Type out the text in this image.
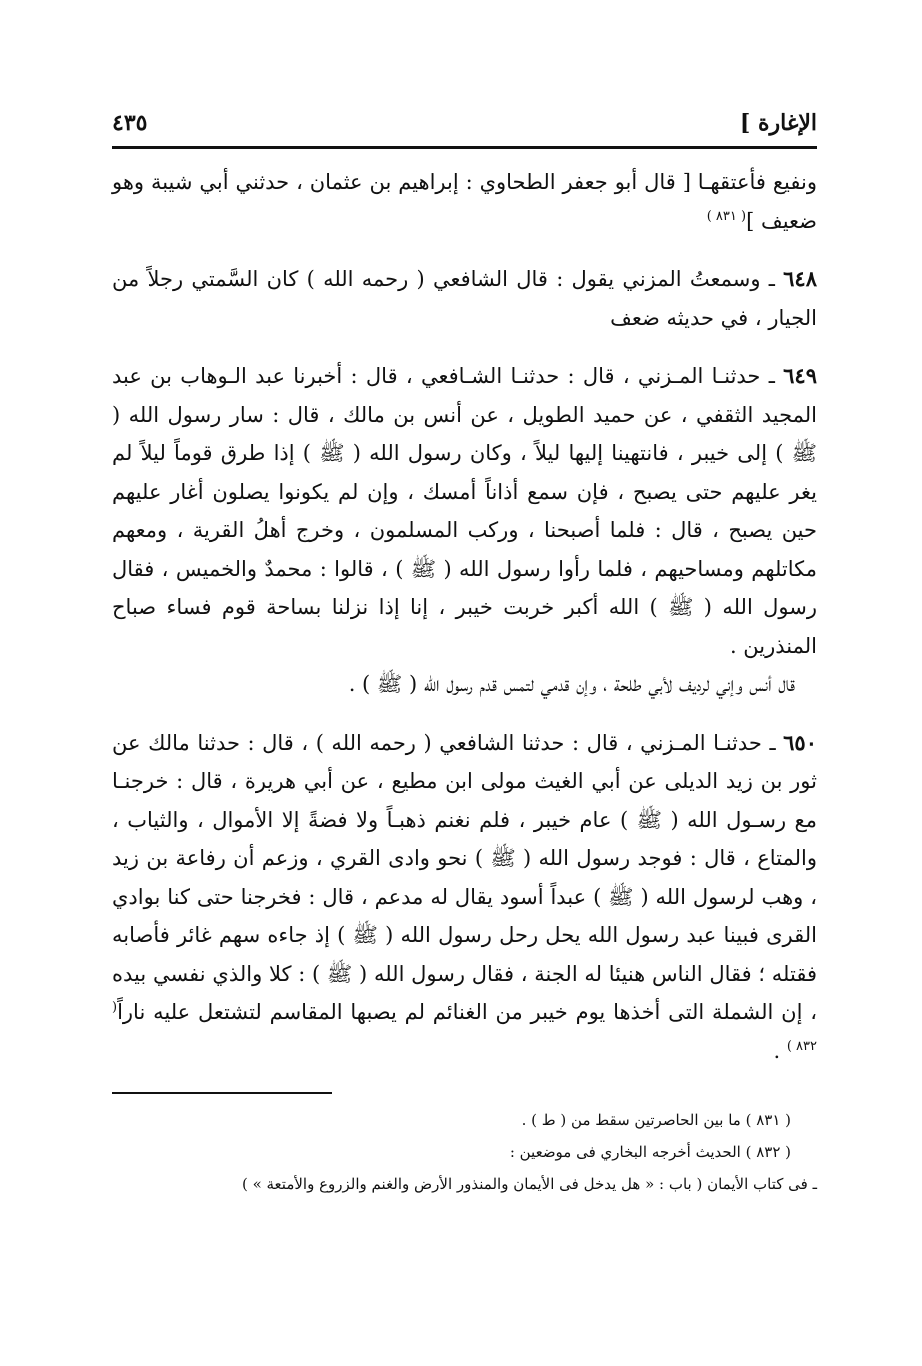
الإغارة ]
٤٣٥

ونفيع فأعتقهـا [ قال أبو جعفر الطحاوي : إبراهيم بن عثمان ، حدثني أبي شيبة وهو ضعيف ]$^{( ٨٣١ )}$

٦٤٨ ـ وسمعتُ المزني يقول : قال الشافعي ( رحمه الله ) كان السَّمتي رجلاً من الجيار ، في حديثه ضعف

٦٤٩ ـ حدثنـا المـزني ، قال : حدثنـا الشـافعي ، قال : أخبرنا عبد الـوهاب بن عبد المجيد الثقفي ، عن حميد الطويل ، عن أنس بن مالك ، قال : سار رسول الله ( ﷺ ) إلى خيبر ، فانتهينا إليها ليلاً ، وكان رسول الله ( ﷺ ) إذا طرق قوماً ليلاً لم يغر عليهم حتى يصبح ، فإن سمع أذاناً أمسك ، وإن لم يكونوا يصلون أغار عليهم حين يصبح ، قال : فلما أصبحنا ، وركب المسلمون ، وخرج أهلُ القرية ، ومعهم مكاتلهم ومساحيهم ، فلما رأوا رسول الله ( ﷺ ) ، قالوا : محمدٌ والخميس ، فقال رسول الله ( ﷺ ) الله أكبر خربت خيبر ، إنا إذا نزلنا بساحة قوم فساء صباح المنذرين .

قال أنس وإني لرديف لأبي طلحة ، وإن قدمي لتمس قدم رسول الله ( ﷺ ) .

٦٥٠ ـ حدثنـا المـزني ، قال : حدثنا الشافعي ( رحمه الله ) ، قال : حدثنا مالك عن ثور بن زيد الديلى عن أبي الغيث مولى ابن مطيع ، عن أبي هريرة ، قال : خرجنـا مع رسـول الله ( ﷺ ) عام خيبر ، فلم نغنم ذهبـاً ولا فضةً إلا الأموال ، والثياب ، والمتاع ، قال : فوجد رسول الله ( ﷺ ) نحو وادى القري ، وزعم أن رفاعة بن زيد ، وهب لرسول الله ( ﷺ ) عبداً أسود يقال له مدعم ، قال : فخرجنا حتى كنا بوادي القرى فبينا عبد رسول الله يحل رحل رسول الله ( ﷺ ) إذ جاءه سهم غائر فأصابه فقتله ؛ فقال الناس هنيئا له الجنة ، فقال رسول الله ( ﷺ ) : كلا والذي نفسي بيده ، إن الشملة التى أخذها يوم خيبر من الغنائم لم يصبها المقاسم لتشتعل عليه ناراً$^{( ٨٣٢ )}$ .

( ٨٣١ ) ما بين الحاصرتين سقط من ( ط ) .
( ٨٣٢ ) الحديث أخرجه البخاري فى موضعين :
ـ فى كتاب الأيمان ( باب : « هل يدخل فى الأيمان والمنذور الأرض والغنم والزروع والأمتعة » )
